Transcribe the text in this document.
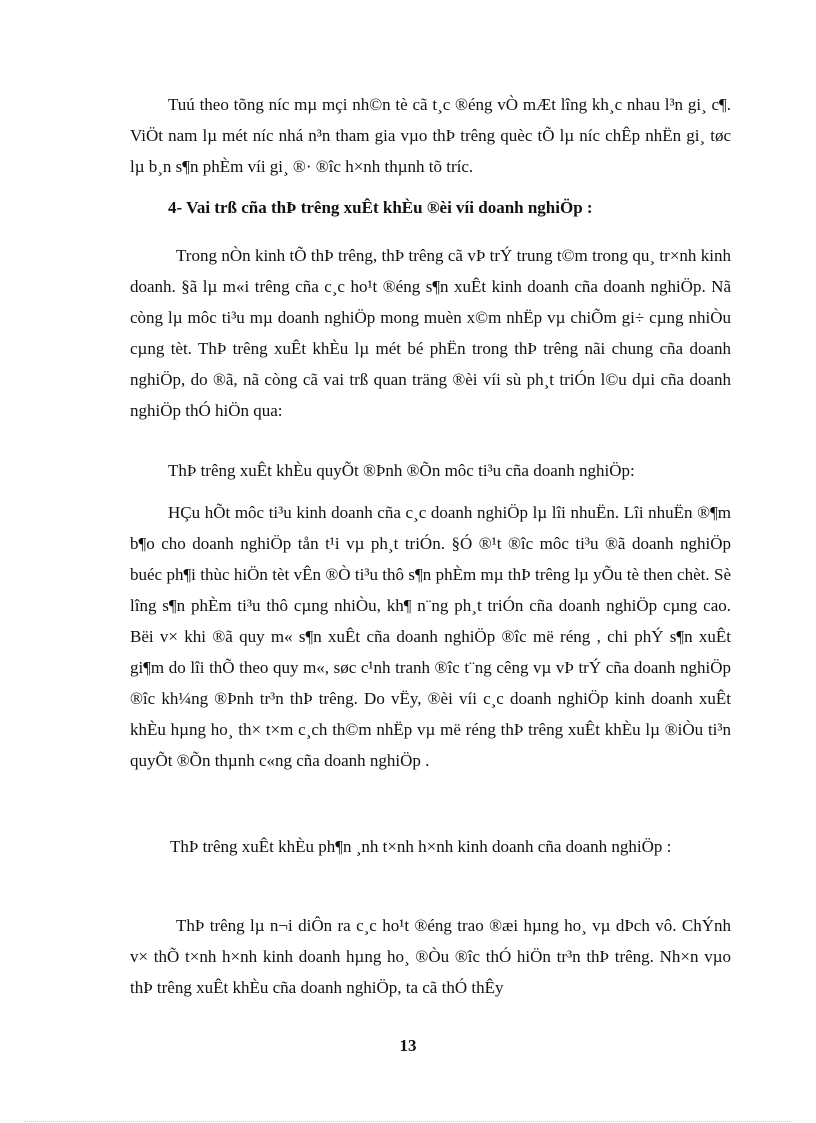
Tuú theo tõng níc mµ mçi nh©n tè cã t¸c ®éng vÒ mÆt lîng kh¸c nhau l³n gi¸ c¶. ViÖt nam lµ mét níc nhá n³n tham gia vµo thÞ trêng quèc tÕ lµ níc chÊp nhËn gi¸ tøc lµ b¸n s¶n phÈm víi gi¸ ®· ®îc h×nh thµnh tõ tríc.

4- Vai trß cña thÞ trêng xuÊt khÈu ®èi víi doanh nghiÖp :

Trong nÒn kinh tÕ thÞ trêng, thÞ trêng cã vÞ trÝ trung t©m trong qu¸ tr×nh kinh doanh. §ã lµ m«i trêng cña c¸c ho¹t ®éng s¶n xuÊt kinh doanh cña doanh nghiÖp. Nã còng lµ môc ti³u mµ doanh nghiÖp mong muèn x©m nhËp vµ chiÕm gi÷ cµng nhiÒu cµng tèt. ThÞ trêng xuÊt khÈu lµ mét bé phËn trong thÞ trêng nãi chung cña doanh nghiÖp, do ®ã, nã còng cã vai trß quan träng ®èi víi sù ph¸t triÓn l©u dµi cña doanh nghiÖp thÓ hiÖn qua:

ThÞ trêng xuÊt khÈu quyÕt ®Þnh ®Õn môc ti³u cña doanh nghiÖp:

HÇu hÕt môc ti³u kinh doanh cña c¸c doanh nghiÖp lµ lîi nhuËn. Lîi nhuËn ®¶m b¶o cho doanh nghiÖp tån t¹i vµ ph¸t triÓn. §Ó ®¹t ®îc môc ti³u ®ã doanh nghiÖp buéc ph¶i thùc hiÖn tèt vÊn ®Ò ti³u thô s¶n phÈm mµ thÞ trêng lµ yÕu tè then chèt. Sè lîng s¶n phÈm ti³u thô cµng nhiÒu, kh¶ n¨ng ph¸t triÓn cña doanh nghiÖp cµng cao. Bëi v× khi ®ã quy m« s¶n xuÊt cña doanh nghiÖp ®îc më réng , chi phÝ s¶n xuÊt gi¶m do lîi thÕ theo quy m«, søc c¹nh tranh ®îc t¨ng cêng vµ vÞ trÝ cña doanh nghiÖp ®îc kh¼ng ®Þnh tr³n thÞ trêng. Do vËy, ®èi víi c¸c doanh nghiÖp kinh doanh xuÊt khÈu hµng ho¸ th× t×m c¸ch th©m nhËp vµ më réng thÞ trêng xuÊt khÈu lµ ®iÒu ti³n quyÕt ®Õn thµnh c«ng cña doanh nghiÖp .

ThÞ trêng xuÊt khÈu ph¶n ¸nh t×nh h×nh kinh doanh cña doanh nghiÖp :

ThÞ trêng lµ n¬i diÔn ra c¸c ho¹t ®éng trao ®æi hµng ho¸ vµ dÞch vô. ChÝnh v× thÕ t×nh h×nh kinh doanh hµng ho¸ ®Òu ®îc thÓ hiÖn tr³n thÞ trêng. Nh×n vµo thÞ trêng xuÊt khÈu cña doanh nghiÖp, ta cã thÓ thÊy

13
